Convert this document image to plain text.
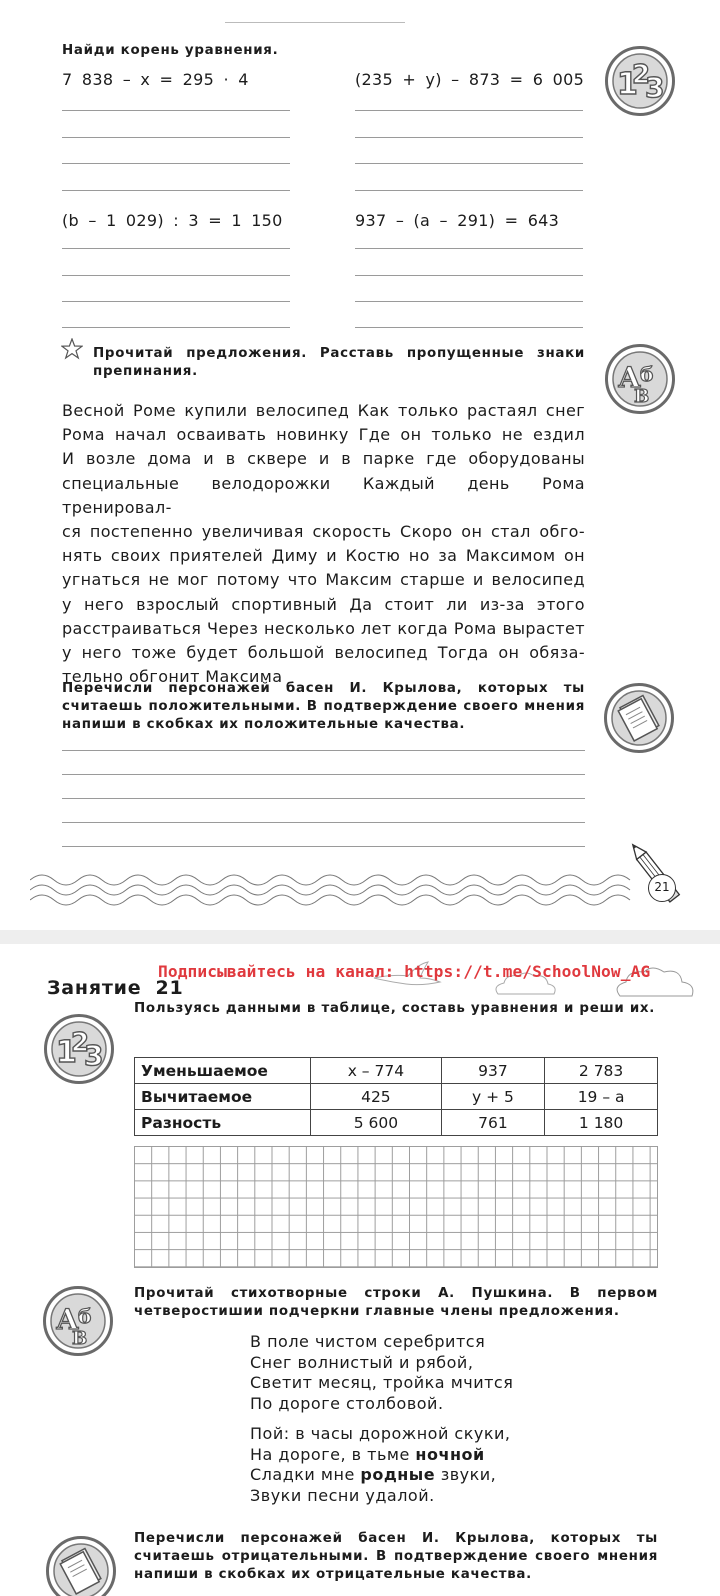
Найди корень уравнения.
7 838 – x = 295 · 4	(235 + y) – 873 = 6 005
(b – 1 029) : 3 = 1 150	937 – (a – 291) = 643
1
2
3
Прочитай предложения. Расставь пропущенные знаки препинания.	А б
В

Весной Роме купили велосипед Как только растаял снег

Рома начал осваивать новинку Где он только не ездил

И возле дома и в сквере и в парке где оборудованы

специальные велодорожки Каждый день Рома тренировал-

ся постепенно увеличивая скорость Скоро он стал обго-

нять своих приятелей Диму и Костю но за Максимом он

угнаться не мог потому что Максим старше и велосипед

у него взрослый спортивный Да стоит ли из-за этого

расстраиваться Через несколько лет когда Рома вырастет

у него тоже будет большой велосипед Тогда он обяза-

тельно обгонит Максима

Перечисли персонажей басен И. Крылова, которых ты считаешь положительными. В подтверждение своего мнения напиши в скобках их положительные качества.
21
Подписывайтесь на канал: https://t.me/SchoolNow_AG
Занятие 21
1
2
3
Пользуясь данными в таблице, составь уравнения и реши их.
Уменьшаемое	x – 774	937	2 783
Вычитаемое	425	y + 5	19 – a
Разность	5 600	761	1 180
А б
В
Прочитай стихотворные строки А. Пушкина. В первом четверостишии подчеркни главные члены предложения.
В поле чистом серебрится
Снег волнистый и рябой,
Светит месяц, тройка мчится
По дороге столбовой.
Пой: в часы дорожной скуки,
На дороге, в тьме ночной
Сладки мне родные звуки,
Звуки песни удалой.
Перечисли персонажей басен И. Крылова, которых ты считаешь отрицательными. В подтверждение своего мнения напиши в скобках их отрицательные качества.
